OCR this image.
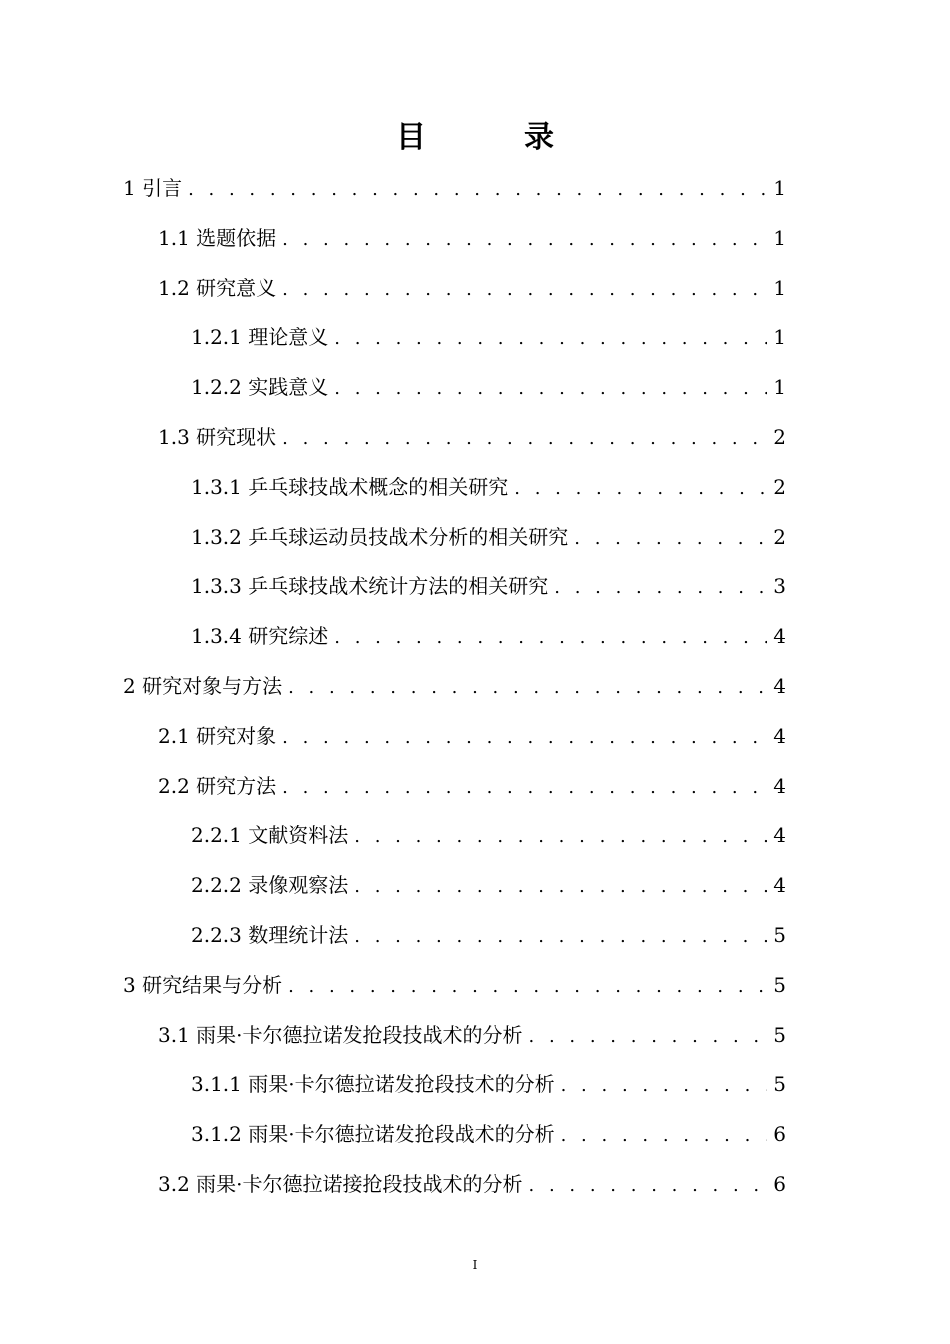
目　录
1 引言 . . .	1
1.1 选题依据 . . .	1
1.2 研究意义 . . .	1
1.2.1 理论意义 . . .	1
1.2.2 实践意义 . . .	1
1.3 研究现状 . . .	2
1.3.1 乒乓球技战术概念的相关研究 . . .	2
1.3.2 乒乓球运动员技战术分析的相关研究 . . .	2
1.3.3 乒乓球技战术统计方法的相关研究 . . .	3
1.3.4 研究综述 . . .	4
2 研究对象与方法 . . .	4
2.1 研究对象 . . .	4
2.2 研究方法 . . .	4
2.2.1 文献资料法 . . .	4
2.2.2 录像观察法 . . .	4
2.2.3 数理统计法 . . .	5
3 研究结果与分析 . . .	5
3.1 雨果·卡尔德拉诺发抢段技战术的分析 . . .	5
3.1.1 雨果·卡尔德拉诺发抢段技术的分析 . . .	5
3.1.2 雨果·卡尔德拉诺发抢段战术的分析 . . .	6
3.2 雨果·卡尔德拉诺接抢段技战术的分析 . . .	6
I
